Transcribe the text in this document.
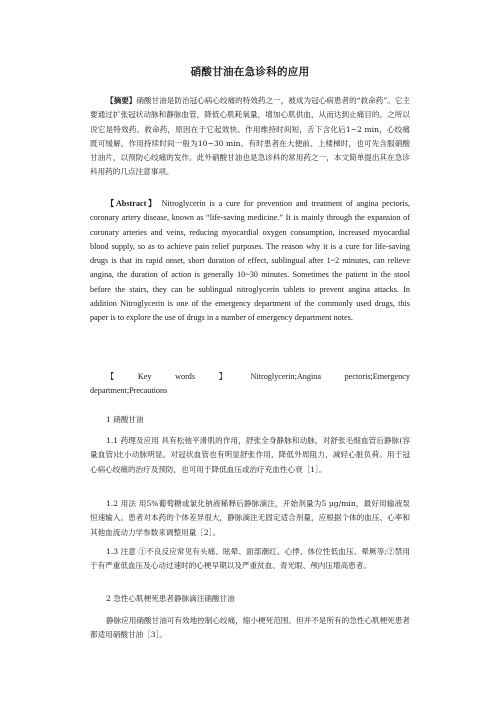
硝酸甘油在急诊科的应用

【摘要】硝酸甘油是防治冠心病心绞痛的特效药之一，被成为冠心病患者的“救命药”。它主要通过扩张冠状动脉和静脉血管，降低心肌耗氧量，增加心肌供血，从而达到止痛目的。之所以说它是特效药、救命药，原因在于它起效快、作用维持时间短，舌下含化后1~2 min，心绞痛既可缓解，作用持续时间一般为10~30 min。有时患者在大便前、上楼梯时，也可先含服硝酸甘油片，以预防心绞痛的发作。此外硝酸甘油也是急诊科的常用药之一，本文简单提出其在急诊科用药的几点注意事项。

【Abstract】 Nitroglycerin is a cure for prevention and treatment of angina pectoris, coronary artery disease, known as “life-saving medicine.” It is mainly through the expansion of coronary arteries and veins, reducing myocardial oxygen consumption, increased myocardial blood supply, so as to achieve pain relief purposes. The reason why it is a cure for life-saving drugs is that its rapid onset, short duration of effect, sublingual after 1~2 minutes, can relieve angina, the duration of action is generally 10~30 minutes. Sometimes the patient in the stool before the stairs, they can be sublingual nitroglycerin tablets to prevent angina attacks. In addition Nitroglycerin is one of the emergency department of the commonly used drugs, this paper is to explore the use of drugs in a number of emergency department notes.

【	Key	words	】	Nitroglycerin;Angina	pectoris;Emergency
department;Precautions

1 硝酸甘油

1.1 药理及应用 具有松弛平滑肌的作用，舒张全身静脉和动脉，对舒张毛细血管后静脉(容量血管)比小动脉明显。对冠状血管也有明显舒张作用，降低外周阻力，减轻心脏负荷。用于冠心病心绞痛的治疗及预防，也可用于降低血压或治疗充血性心衰［1］。

1.2 用法 用5%葡萄糖或氯化钠液稀释后静脉滴注，开始剂量为5 μg/min，最好用输液泵恒速输入。患者对本药的个体差异很大，静脉滴注无固定适合剂量，应根据个体的血压、心率和其他血流动力学参数来调整用量［2］。

1.3 注意 ①不良反应常见有头痛、眩晕、面部潮红、心悸、体位性低血压、晕厥等;②禁用于有严重低血压及心动过速时的心梗早期以及严重贫血、青光眼、颅内压增高患者。

2 急性心肌梗死患者静脉滴注硝酸甘油

静脉应用硝酸甘油可有效地控制心绞痛，缩小梗死范围。但并不是所有的急性心肌梗死患者都适用硝酸甘油［3］。
